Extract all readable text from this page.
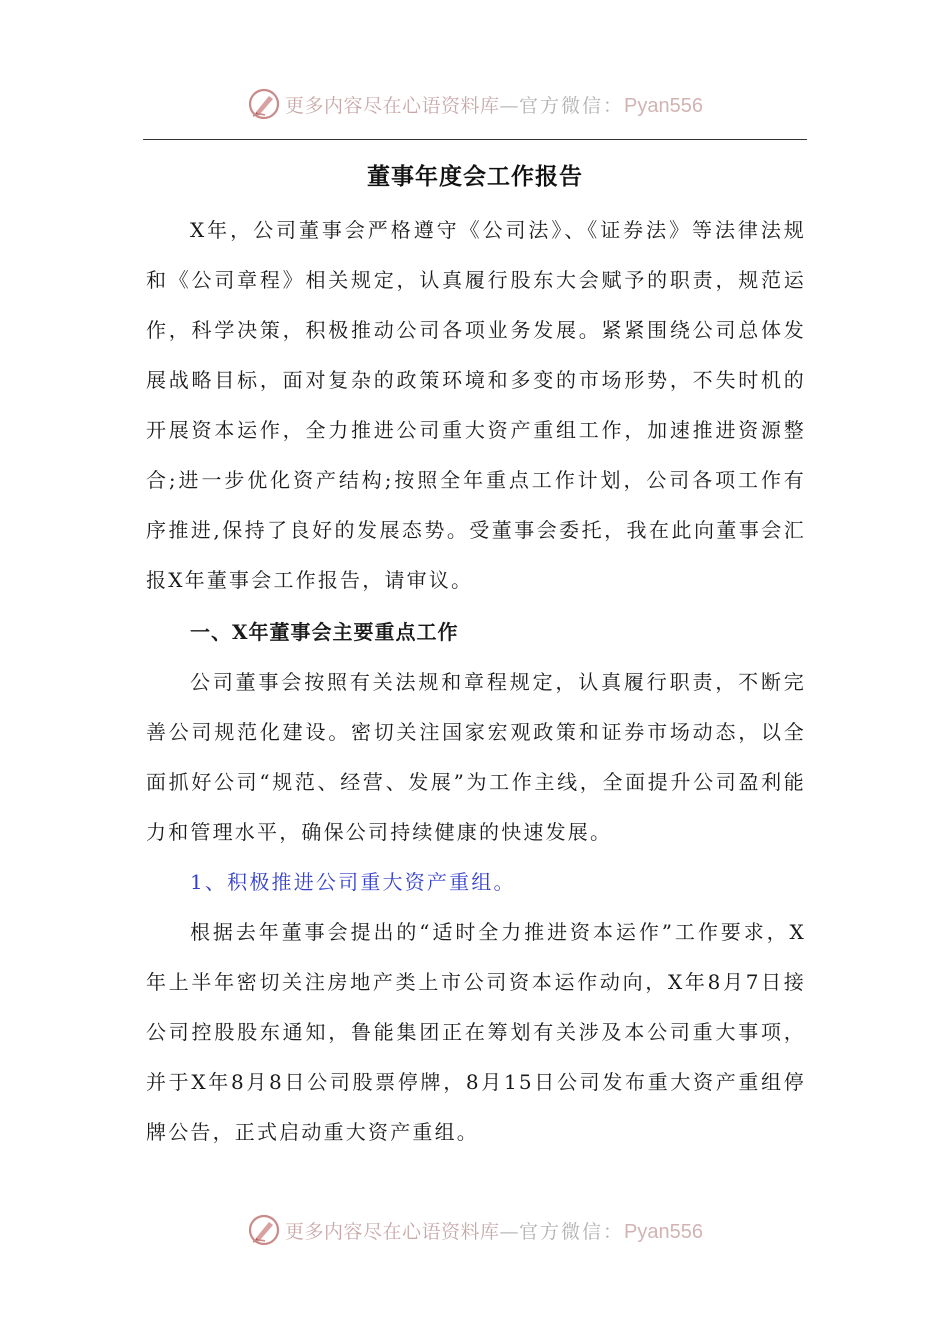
更多内容尽在心语资料库—官方微信：Pyan556
董事年度会工作报告

X年，公司董事会严格遵守《公司法》、《证券法》等法律法规和《公司章程》相关规定，认真履行股东大会赋予的职责，规范运作，科学决策，积极推动公司各项业务发展。紧紧围绕公司总体发展战略目标，面对复杂的政策环境和多变的市场形势，不失时机的开展资本运作，全力推进公司重大资产重组工作，加速推进资源整合;进一步优化资产结构;按照全年重点工作计划，公司各项工作有序推进,保持了良好的发展态势。受董事会委托，我在此向董事会汇报X年董事会工作报告，请审议。

一、X年董事会主要重点工作

公司董事会按照有关法规和章程规定，认真履行职责，不断完善公司规范化建设。密切关注国家宏观政策和证券市场动态，以全面抓好公司“规范、经营、发展”为工作主线，全面提升公司盈利能力和管理水平，确保公司持续健康的快速发展。

1、积极推进公司重大资产重组。

根据去年董事会提出的“适时全力推进资本运作”工作要求，X年上半年密切关注房地产类上市公司资本运作动向，X年8月7日接公司控股股东通知，鲁能集团正在筹划有关涉及本公司重大事项，并于X年8月8日公司股票停牌，8月15日公司发布重大资产重组停牌公告，正式启动重大资产重组。

更多内容尽在心语资料库—官方微信：Pyan556
